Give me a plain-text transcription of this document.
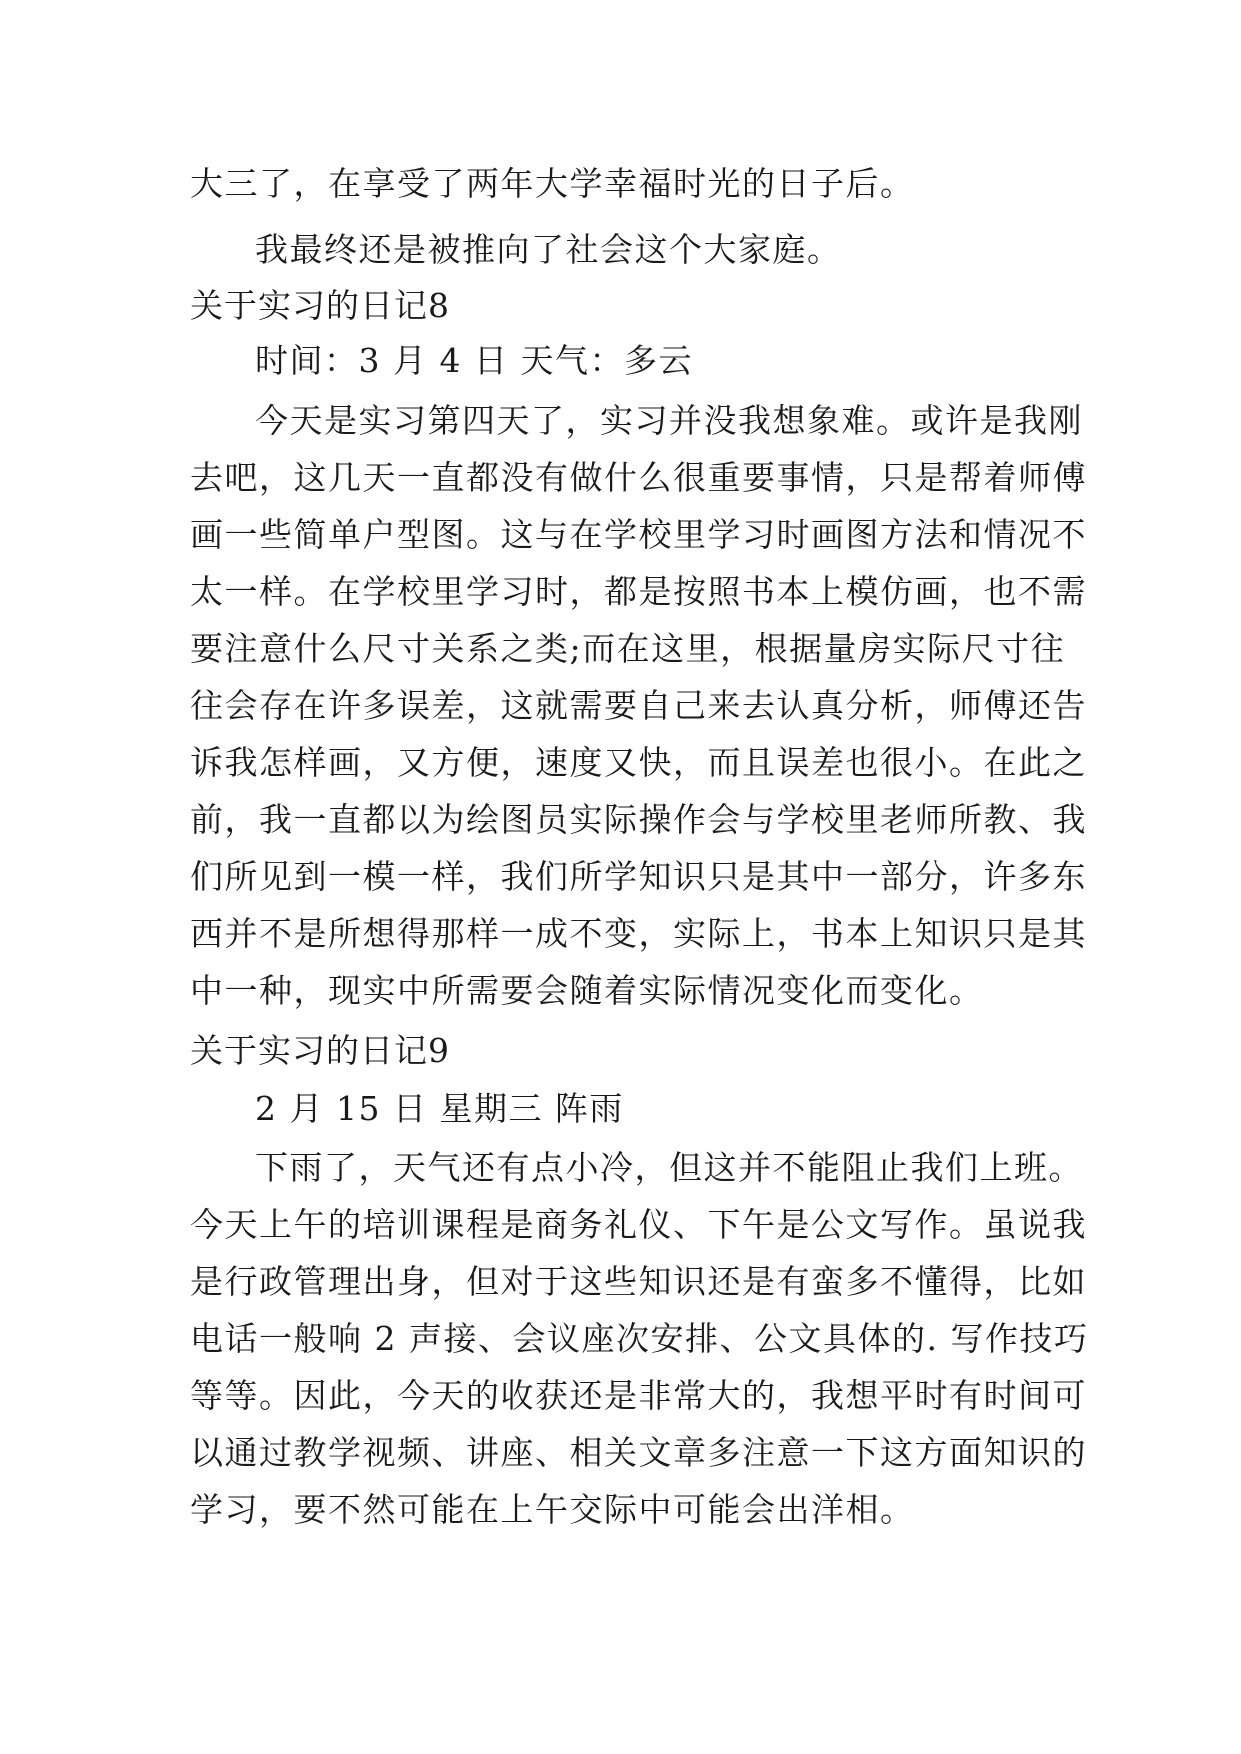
大三了，在享受了两年大学幸福时光的日子后。
我最终还是被推向了社会这个大家庭。
关于实习的日记8
时间：3 月 4 日 天气：多云
今天是实习第四天了，实习并没我想象难。或许是我刚
去吧，这几天一直都没有做什么很重要事情，只是帮着师傅
画一些简单户型图。这与在学校里学习时画图方法和情况不
太一样。在学校里学习时，都是按照书本上模仿画，也不需
要注意什么尺寸关系之类;而在这里，根据量房实际尺寸往
往会存在许多误差，这就需要自己来去认真分析，师傅还告
诉我怎样画，又方便，速度又快，而且误差也很小。在此之
前，我一直都以为绘图员实际操作会与学校里老师所教、我
们所见到一模一样，我们所学知识只是其中一部分，许多东
西并不是所想得那样一成不变，实际上，书本上知识只是其
中一种，现实中所需要会随着实际情况变化而变化。
关于实习的日记9
2 月 15 日 星期三 阵雨
下雨了，天气还有点小冷，但这并不能阻止我们上班。
今天上午的培训课程是商务礼仪、下午是公文写作。虽说我
是行政管理出身，但对于这些知识还是有蛮多不懂得，比如
电话一般响 2 声接、会议座次安排、公文具体的. 写作技巧
等等。因此，今天的收获还是非常大的，我想平时有时间可
以通过教学视频、讲座、相关文章多注意一下这方面知识的
学习，要不然可能在上午交际中可能会出洋相。
